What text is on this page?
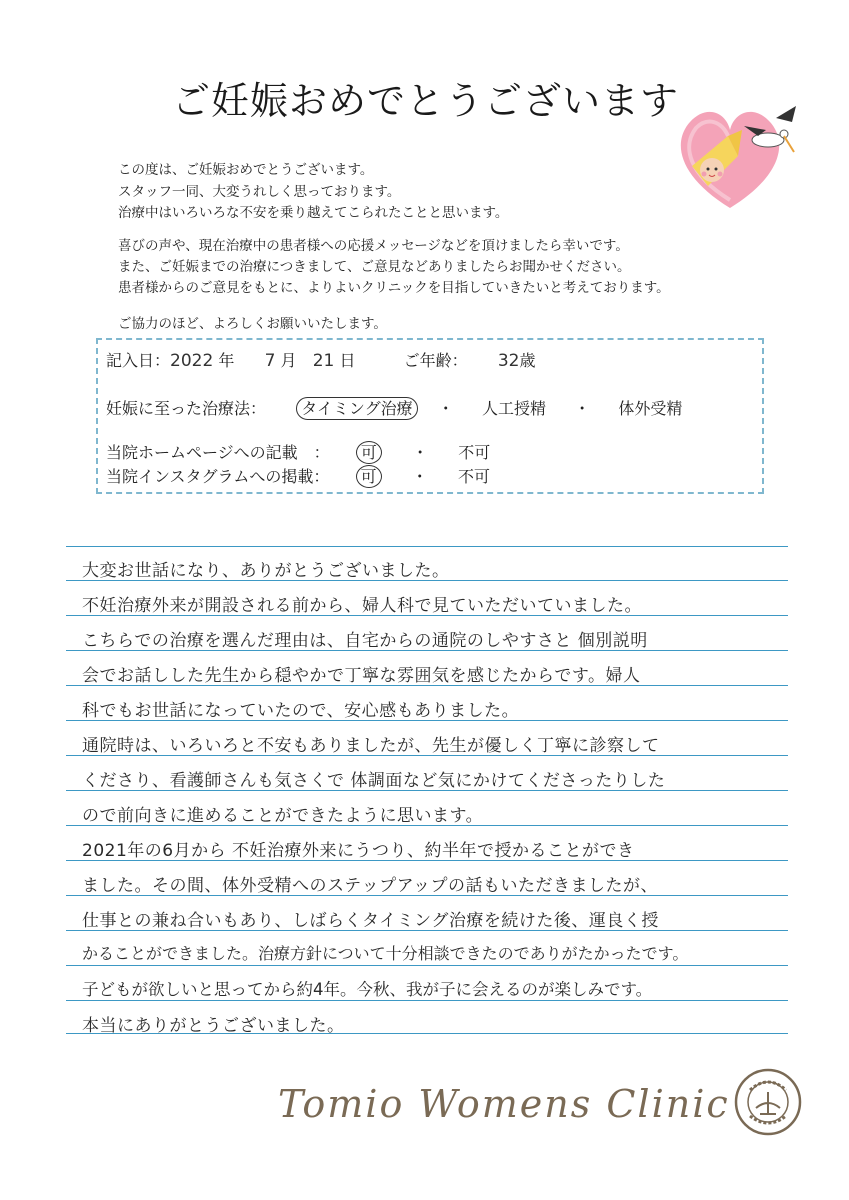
ご妊娠おめでとうございます
この度は、ご妊娠おめでとうございます。
スタッフ一同、大変うれしく思っております。
治療中はいろいろな不安を乗り越えてこられたことと思います。
喜びの声や、現在治療中の患者様への応援メッセージなどを頂けましたら幸いです。
また、ご妊娠までの治療につきまして、ご意見などありましたらお聞かせください。
患者様からのご意見をもとに、よりよいクリニックを目指していきたいと考えております。
ご協力のほど、よろしくお願いいたします。
記入日：2022 年 7 月 21 日	ご年齢： 32歳
妊娠に至った治療法： タイミング治療 ・ 人工授精 ・ 体外受精
当院ホームページへの記載　： 可 ・ 不可
当院インスタグラムへの掲載： 可 ・ 不可
大変お世話になり、ありがとうございました。
不妊治療外来が開設される前から、婦人科で見ていただいていました。
こちらでの治療を選んだ理由は、自宅からの通院のしやすさと 個別説明
会でお話しした先生から穏やかで丁寧な雰囲気を感じたからです。婦人
科でもお世話になっていたので、安心感もありました。
通院時は、いろいろと不安もありましたが、先生が優しく丁寧に診察して
くださり、看護師さんも気さくで 体調面など気にかけてくださったりした
ので前向きに進めることができたように思います。
2021年の6月から 不妊治療外来にうつり、約半年で授かることができ
ました。その間、体外受精へのステップアップの話もいただきましたが、
仕事との兼ね合いもあり、しばらくタイミング治療を続けた後、運良く授
かることができました。治療方針について十分相談できたのでありがたかったです。
子どもが欲しいと思ってから約4年。今秋、我が子に会えるのが楽しみです。
本当にありがとうございました。
Tomio Womens Clinic
